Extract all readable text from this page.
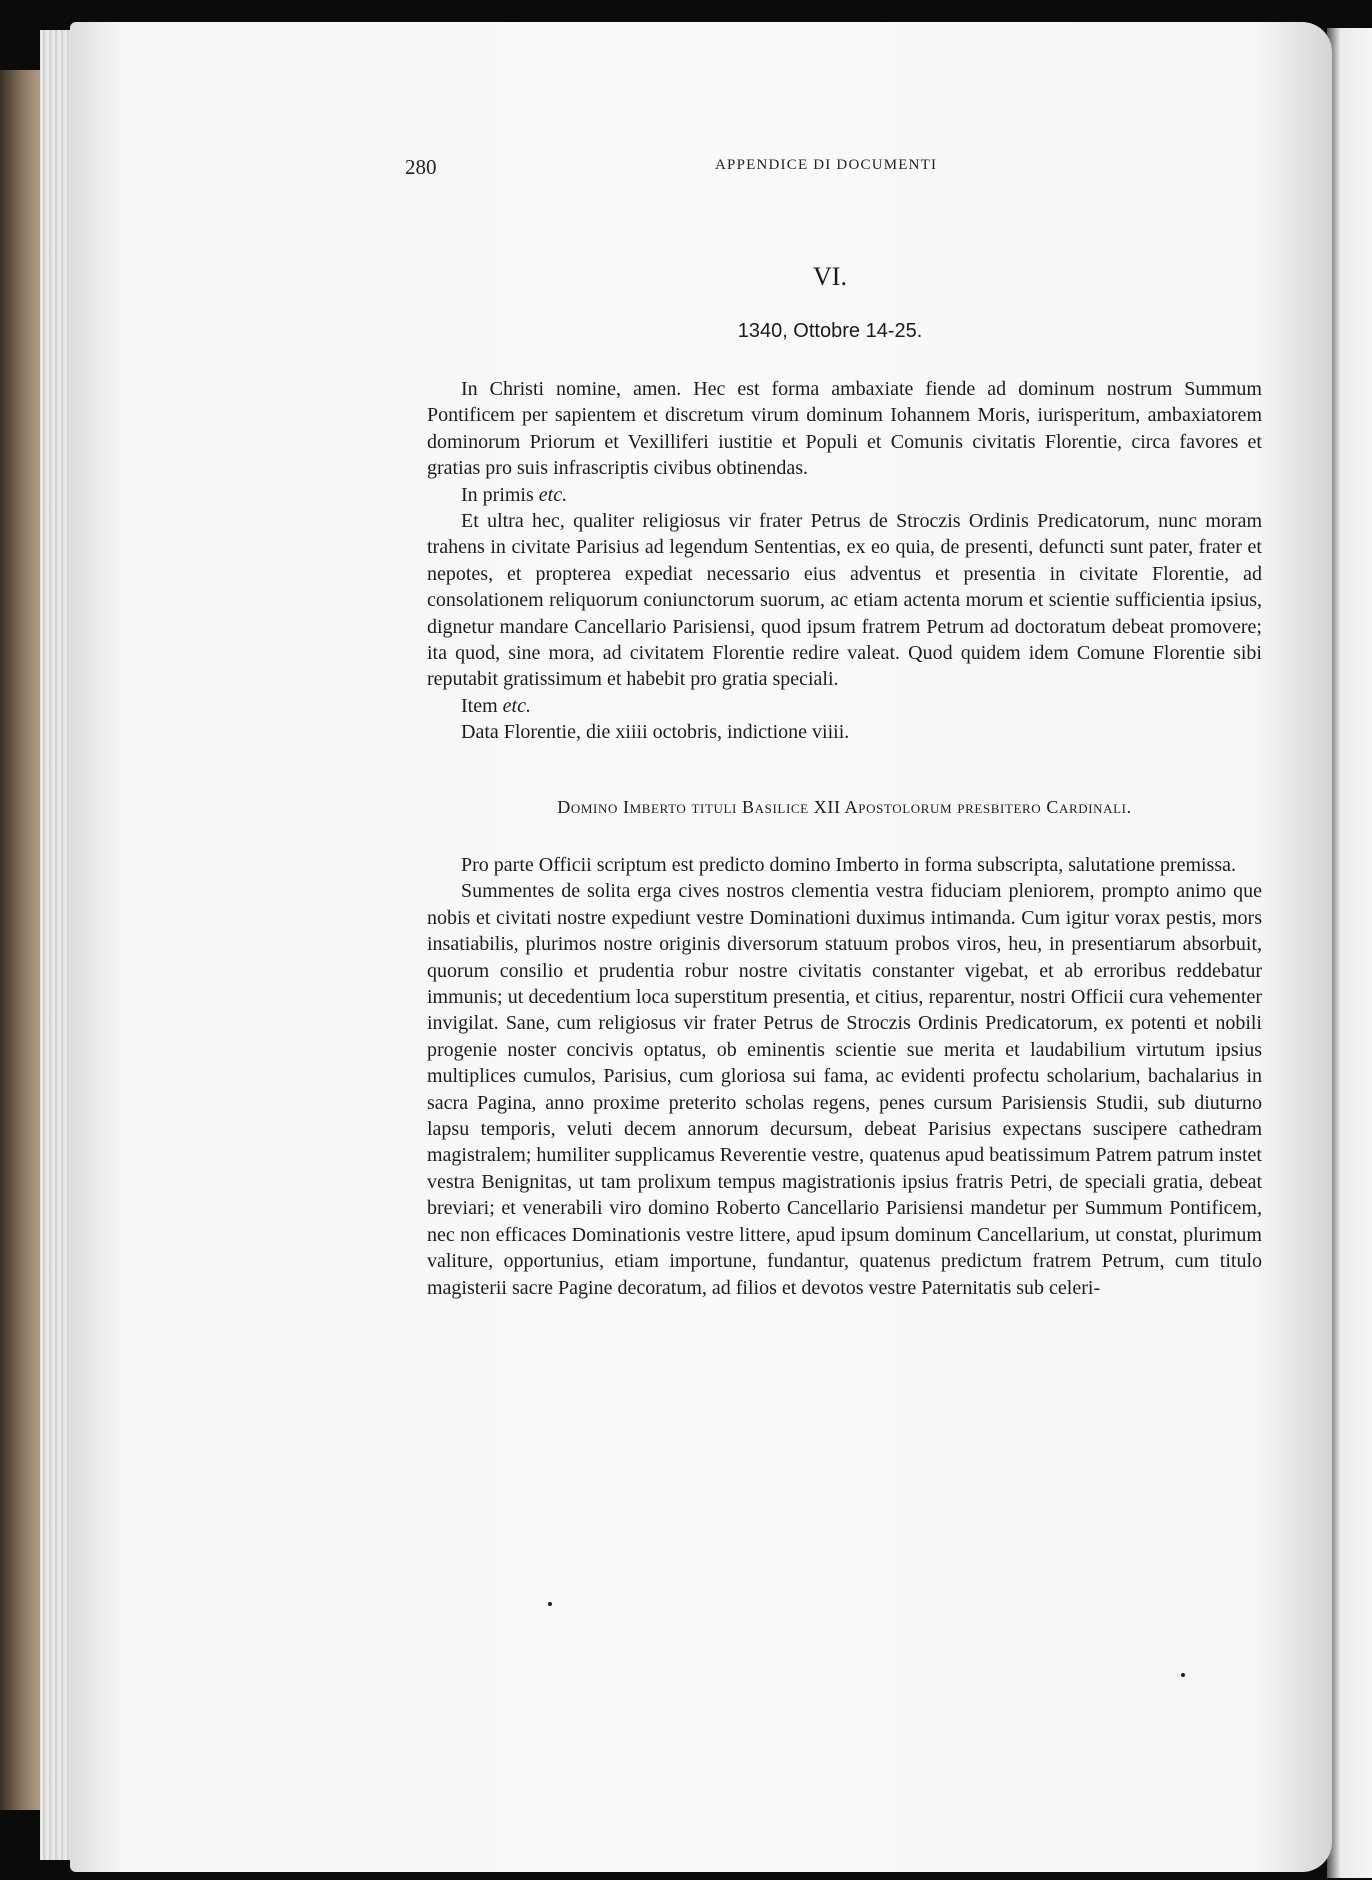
280	APPENDICE DI DOCUMENTI
VI.
1340, Ottobre 14-25.

In Christi nomine, amen. Hec est forma ambaxiate fiende ad dominum nostrum Summum Pontificem per sapientem et discretum virum dominum Iohannem Moris, iurisperitum, ambaxiatorem dominorum Priorum et Vexilliferi iustitie et Populi et Comunis civitatis Florentie, circa favores et gratias pro suis infrascriptis civibus obtinendas.

In primis etc.

Et ultra hec, qualiter religiosus vir frater Petrus de Stroczis Ordinis Predicatorum, nunc moram trahens in civitate Parisius ad legendum Sententias, ex eo quia, de presenti, defuncti sunt pater, frater et nepotes, et propterea expediat necessario eius adventus et presentia in civitate Florentie, ad consolationem reliquorum coniunctorum suorum, ac etiam actenta morum et scientie sufficientia ipsius, dignetur mandare Cancellario Parisiensi, quod ipsum fratrem Petrum ad doctoratum debeat promovere; ita quod, sine mora, ad civitatem Florentie redire valeat. Quod quidem idem Comune Florentie sibi reputabit gratissimum et habebit pro gratia speciali.

Item etc.

Data Florentie, die xiiii octobris, indictione viiii.

Domino Imberto tituli Basilice XII Apostolorum presbitero Cardinali.

Pro parte Officii scriptum est predicto domino Imberto in forma subscripta, salutatione premissa.

Summentes de solita erga cives nostros clementia vestra fiduciam pleniorem, prompto animo que nobis et civitati nostre expediunt vestre Dominationi duximus intimanda. Cum igitur vorax pestis, mors insatiabilis, plurimos nostre originis diversorum statuum probos viros, heu, in presentiarum absorbuit, quorum consilio et prudentia robur nostre civitatis constanter vigebat, et ab erroribus reddebatur immunis; ut decedentium loca superstitum presentia, et citius, reparentur, nostri Officii cura vehementer invigilat. Sane, cum religiosus vir frater Petrus de Stroczis Ordinis Predicatorum, ex potenti et nobili progenie noster concivis optatus, ob eminentis scientie sue merita et laudabilium virtutum ipsius multiplices cumulos, Parisius, cum gloriosa sui fama, ac evidenti profectu scholarium, bachalarius in sacra Pagina, anno proxime preterito scholas regens, penes cursum Parisiensis Studii, sub diuturno lapsu temporis, veluti decem annorum decursum, debeat Parisius expectans suscipere cathedram magistralem; humiliter supplicamus Reverentie vestre, quatenus apud beatissimum Patrem patrum instet vestra Benignitas, ut tam prolixum tempus magistrationis ipsius fratris Petri, de speciali gratia, debeat breviari; et venerabili viro domino Roberto Cancellario Parisiensi mandetur per Summum Pontificem, nec non efficaces Dominationis vestre littere, apud ipsum dominum Cancellarium, ut constat, plurimum valiture, opportunius, etiam importune, fundantur, quatenus predictum fratrem Petrum, cum titulo magisterii sacre Pagine decoratum, ad filios et devotos vestre Paternitatis sub celeri-
